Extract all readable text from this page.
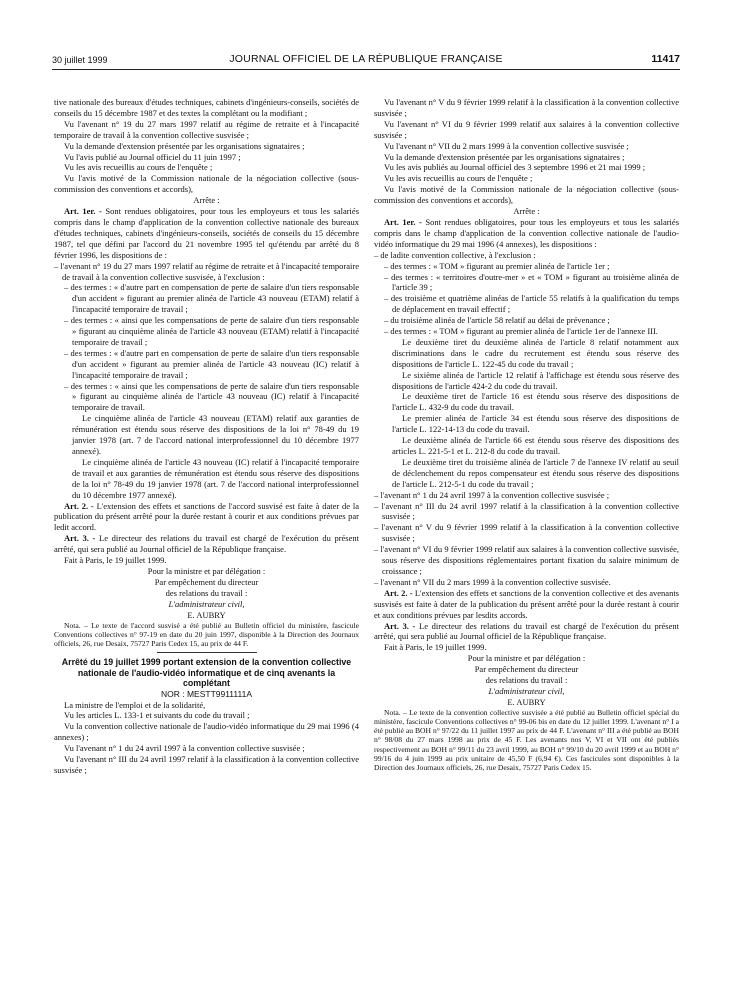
30 juillet 1999	JOURNAL OFFICIEL DE LA RÉPUBLIQUE FRANÇAISE	11417

tive nationale des bureaux d'études techniques, cabinets d'ingénieurs-conseils, sociétés de conseils du 15 décembre 1987 et des textes la complétant ou la modifiant ;

Vu l'avenant n° 19 du 27 mars 1997 relatif au régime de retraite et à l'incapacité temporaire de travail à la convention collective susvisée ;

Vu la demande d'extension présentée par les organisations signataires ;

Vu l'avis publié au Journal officiel du 11 juin 1997 ;

Vu les avis recueillis au cours de l'enquête ;

Vu l'avis motivé de la Commission nationale de la négociation collective (sous-commission des conventions et accords),

Arrête :

Art. 1er. - Sont rendues obligatoires, pour tous les employeurs et tous les salariés compris dans le champ d'application de la convention collective nationale des bureaux d'études techniques, cabinets d'ingénieurs-conseils, sociétés de conseils du 15 décembre 1987, tel que défini par l'accord du 21 novembre 1995 tel qu'étendu par arrêté du 8 février 1996, les dispositions de :

– l'avenant n° 19 du 27 mars 1997 relatif au régime de retraite et à l'incapacité temporaire de travail à la convention collective susvisée, à l'exclusion :

– des termes : « d'autre part en compensation de perte de salaire d'un tiers responsable d'un accident » figurant au premier alinéa de l'article 43 nouveau (ETAM) relatif à l'incapacité temporaire de travail ;

– des termes : « ainsi que les compensations de perte de salaire d'un tiers responsable » figurant au cinquième alinéa de l'article 43 nouveau (ETAM) relatif à l'incapacité temporaire de travail ;

– des termes : « d'autre part en compensation de perte de salaire d'un tiers responsable d'un accident » figurant au premier alinéa de l'article 43 nouveau (IC) relatif à l'incapacité temporaire de travail ;

– des termes : « ainsi que les compensations de perte de salaire d'un tiers responsable » figurant au cinquième alinéa de l'article 43 nouveau (IC) relatif à l'incapacité temporaire de travail.

Le cinquième alinéa de l'article 43 nouveau (ETAM) relatif aux garanties de rémunération est étendu sous réserve des dispositions de la loi n° 78-49 du 19 janvier 1978 (art. 7 de l'accord national interprofessionnel du 10 décembre 1977 annexé).

Le cinquième alinéa de l'article 43 nouveau (IC) relatif à l'incapacité temporaire de travail et aux garanties de rémunération est étendu sous réserve des dispositions de la loi n° 78-49 du 19 janvier 1978 (art. 7 de l'accord national interprofessionnel du 10 décembre 1977 annexé).

Art. 2. - L'extension des effets et sanctions de l'accord susvisé est faite à dater de la publication du présent arrêté pour la durée restant à courir et aux conditions prévues par ledit accord.

Art. 3. - Le directeur des relations du travail est chargé de l'exécution du présent arrêté, qui sera publié au Journal officiel de la République française.

Fait à Paris, le 19 juillet 1999.

Pour la ministre et par délégation :

Par empêchement du directeur

des relations du travail :

L'administrateur civil,

E. AUBRY

Nota. – Le texte de l'accord susvisé a été publié au Bulletin officiel du ministère, fascicule Conventions collectives n° 97-19 en date du 20 juin 1997, disponible à la Direction des Journaux officiels, 26, rue Desaix, 75727 Paris Cedex 15, au prix de 44 F.

Arrêté du 19 juillet 1999 portant extension de la convention collective nationale de l'audio-vidéo informatique et de cinq avenants la complétant

NOR : MESTT9911111A

La ministre de l'emploi et de la solidarité,

Vu les articles L. 133-1 et suivants du code du travail ;

Vu la convention collective nationale de l'audio-vidéo informatique du 29 mai 1996 (4 annexes) ;

Vu l'avenant n° 1 du 24 avril 1997 à la convention collective susvisée ;

Vu l'avenant n° III du 24 avril 1997 relatif à la classification à la convention collective susvisée ;

Vu l'avenant n° V du 9 février 1999 relatif à la classification à la convention collective susvisée ;

Vu l'avenant n° VI du 9 février 1999 relatif aux salaires à la convention collective susvisée ;

Vu l'avenant n° VII du 2 mars 1999 à la convention collective susvisée ;

Vu la demande d'extension présentée par les organisations signataires ;

Vu les avis publiés au Journal officiel des 3 septembre 1996 et 21 mai 1999 ;

Vu les avis recueillis au cours de l'enquête ;

Vu l'avis motivé de la Commission nationale de la négociation collective (sous-commission des conventions et accords),

Arrête :

Art. 1er. - Sont rendues obligatoires, pour tous les employeurs et tous les salariés compris dans le champ d'application de la convention collective nationale de l'audio-vidéo informatique du 29 mai 1996 (4 annexes), les dispositions :

– de ladite convention collective, à l'exclusion :

– des termes : « TOM » figurant au premier alinéa de l'article 1er ;

– des termes : « territoires d'outre-mer » et « TOM » figurant au troisième alinéa de l'article 39 ;

– des troisième et quatrième alinéas de l'article 55 relatifs à la qualification du temps de déplacement en travail effectif ;

– du troisième alinéa de l'article 58 relatif au délai de prévenance ;

– des termes : « TOM » figurant au premier alinéa de l'article 1er de l'annexe III.

Le deuxième tiret du deuxième alinéa de l'article 8 relatif notamment aux discriminations dans le cadre du recrutement est étendu sous réserve des dispositions de l'article L. 122-45 du code du travail ;

Le sixième alinéa de l'article 12 relatif à l'affichage est étendu sous réserve des dispositions de l'article 424-2 du code du travail.

Le deuxième tiret de l'article 16 est étendu sous réserve des dispositions de l'article L. 432-9 du code du travail.

Le premier alinéa de l'article 34 est étendu sous réserve des dispositions de l'article L. 122-14-13 du code du travail.

Le deuxième alinéa de l'article 66 est étendu sous réserve des dispositions des articles L. 221-5-1 et L. 212-8 du code du travail.

Le deuxième tiret du troisième alinéa de l'article 7 de l'annexe IV relatif au seuil de déclenchement du repos compensateur est étendu sous réserve des dispositions de l'article L. 212-5-1 du code du travail ;

– l'avenant n° 1 du 24 avril 1997 à la convention collective susvisée ;

– l'avenant n° III du 24 avril 1997 relatif à la classification à la convention collective susvisée ;

– l'avenant n° V du 9 février 1999 relatif à la classification à la convention collective susvisée ;

– l'avenant n° VI du 9 février 1999 relatif aux salaires à la convention collective susvisée, sous réserve des dispositions réglementaires portant fixation du salaire minimum de croissance ;

– l'avenant n° VII du 2 mars 1999 à la convention collective susvisée.

Art. 2. - L'extension des effets et sanctions de la convention collective et des avenants susvisés est faite à dater de la publication du présent arrêté pour la durée restant à courir et aux conditions prévues par lesdits accords.

Art. 3. - Le directeur des relations du travail est chargé de l'exécution du présent arrêté, qui sera publié au Journal officiel de la République française.

Fait à Paris, le 19 juillet 1999.

Pour la ministre et par délégation :

Par empêchement du directeur

des relations du travail :

L'administrateur civil,

E. AUBRY

Nota. – Le texte de la convention collective susvisée a été publié au Bulletin officiel spécial du ministère, fascicule Conventions collectives n° 99-06 bis en date du 12 juillet 1999. L'avenant n° I a été publié au BOH n° 97/22 du 11 juillet 1997 au prix de 44 F. L'avenant n° III a été publié au BOH n° 98/08 du 27 mars 1998 au prix de 45 F. Les avenants nos V, VI et VII ont été publiés respectivement au BOH n° 99/11 du 23 avril 1999, au BOH n° 99/10 du 20 avril 1999 et au BOH n° 99/16 du 4 juin 1999 au prix unitaire de 45,50 F (6,94 €). Ces fascicules sont disponibles à la Direction des Journaux officiels, 26, rue Desaix, 75727 Paris Cedex 15.
